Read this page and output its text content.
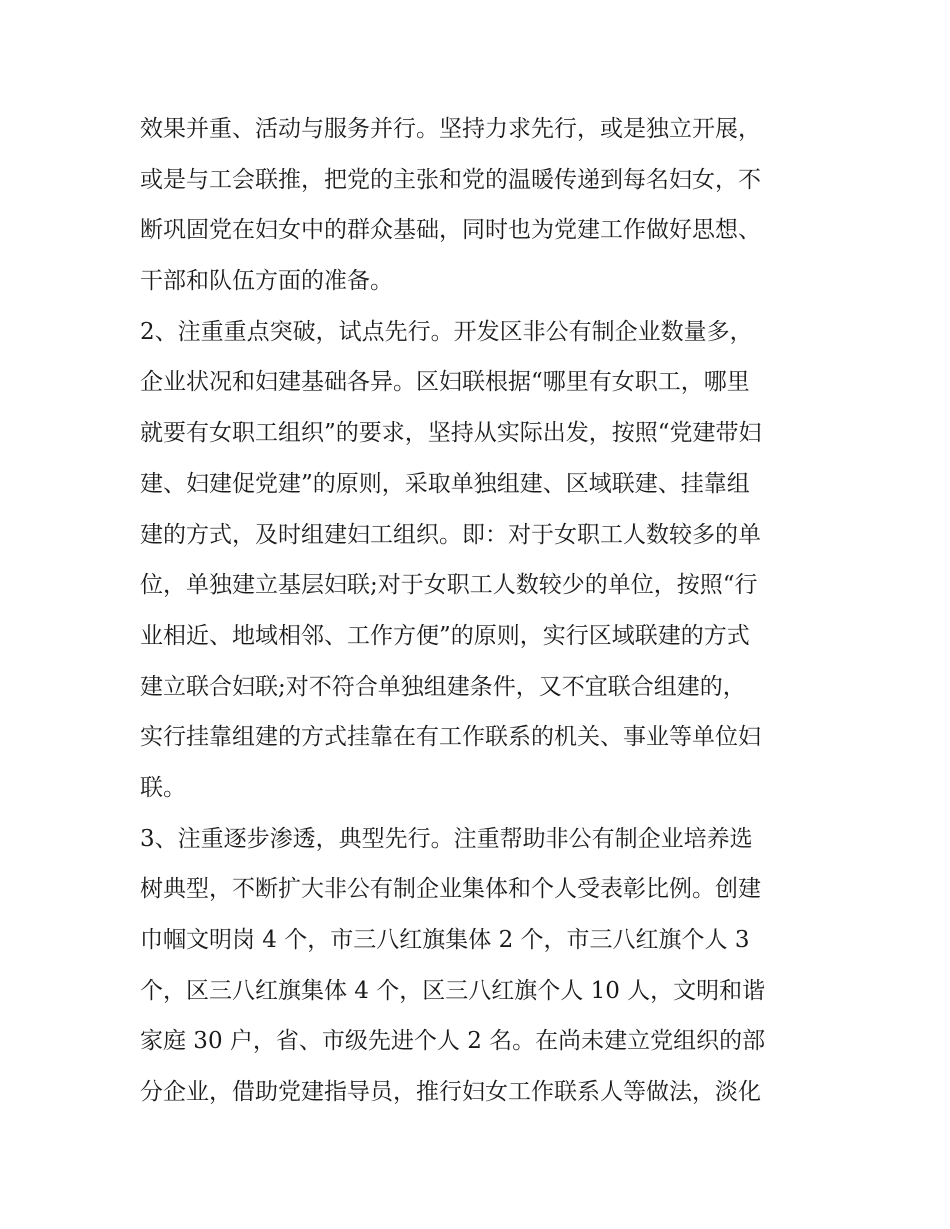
效果并重、活动与服务并行。坚持力求先行，或是独立开展，
或是与工会联推，把党的主张和党的温暖传递到每名妇女，不
断巩固党在妇女中的群众基础，同时也为党建工作做好思想、
干部和队伍方面的准备。
2、注重重点突破，试点先行。开发区非公有制企业数量多，
企业状况和妇建基础各异。区妇联根据“哪里有女职工，哪里
就要有女职工组织”的要求，坚持从实际出发，按照“党建带妇
建、妇建促党建”的原则，采取单独组建、区域联建、挂靠组
建的方式，及时组建妇工组织。即：对于女职工人数较多的单
位，单独建立基层妇联;对于女职工人数较少的单位，按照“行
业相近、地域相邻、工作方便”的原则，实行区域联建的方式
建立联合妇联;对不符合单独组建条件，又不宜联合组建的，
实行挂靠组建的方式挂靠在有工作联系的机关、事业等单位妇
联。
3、注重逐步渗透，典型先行。注重帮助非公有制企业培养选
树典型，不断扩大非公有制企业集体和个人受表彰比例。创建
巾帼文明岗 4 个，市三八红旗集体 2 个，市三八红旗个人 3
个，区三八红旗集体 4 个，区三八红旗个人 10 人，文明和谐
家庭 30 户，省、市级先进个人 2 名。在尚未建立党组织的部
分企业，借助党建指导员，推行妇女工作联系人等做法，淡化
